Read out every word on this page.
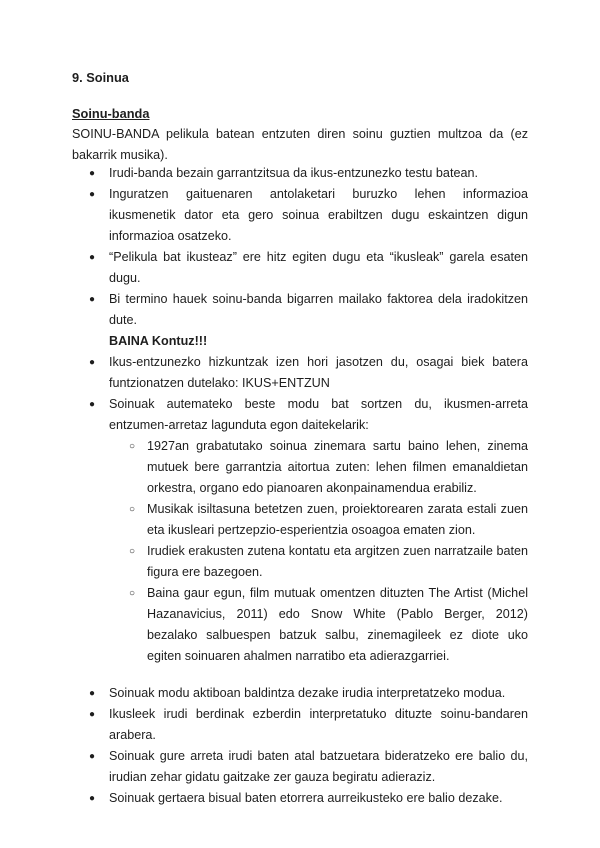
9. Soinua
Soinu-banda
SOINU-BANDA pelikula batean entzuten diren soinu guztien multzoa da (ez bakarrik musika).
● Irudi-banda bezain garrantzitsua da ikus-entzunezko testu batean.
● Inguratzen gaituenaren antolaketari buruzko lehen informazioa ikusmenetik dator eta gero soinua erabiltzen dugu eskaintzen digun informazioa osatzeko.
● “Pelikula bat ikusteaz” ere hitz egiten dugu eta “ikusleak” garela esaten dugu.
● Bi termino hauek soinu-banda bigarren mailako faktorea dela iradokitzen dute.
BAINA Kontuz!!!
● Ikus-entzunezko hizkuntzak izen hori jasotzen du, osagai biek batera funtzionatzen dutelako: IKUS+ENTZUN
● Soinuak autemateko beste modu bat sortzen du, ikusmen-arreta entzumen-arretaz lagunduta egon daitekelarik:
○ 1927an grabatutako soinua zinemara sartu baino lehen, zinema mutuek bere garrantzia aitortua zuten: lehen filmen emanaldietan orkestra, organo edo pianoaren akonpainamendua erabiliz.
○ Musikak isiltasuna betetzen zuen, proiektorearen zarata estali zuen eta ikusleari pertzepzio-esperientzia osoagoa ematen zion.
○ Irudiek erakusten zutena kontatu eta argitzen zuen narratzaile baten figura ere bazegoen.
○ Baina gaur egun, film mutuak omentzen dituzten The Artist (Michel Hazanavicius, 2011) edo Snow White (Pablo Berger, 2012) bezalako salbuespen batzuk salbu, zinemagileek ez diote uko egiten soinuaren ahalmen narratibo eta adierazgarriei.
● Soinuak modu aktiboan baldintza dezake irudia interpretatzeko modua.
● Ikusleek irudi berdinak ezberdin interpretatuko dituzte soinu-bandaren arabera.
● Soinuak gure arreta irudi baten atal batzuetara bideratzeko ere balio du, irudian zehar gidatu gaitzake zer gauza begiratu adieraziz.
● Soinuak gertaera bisual baten etorrera aurreikusteko ere balio dezake.
